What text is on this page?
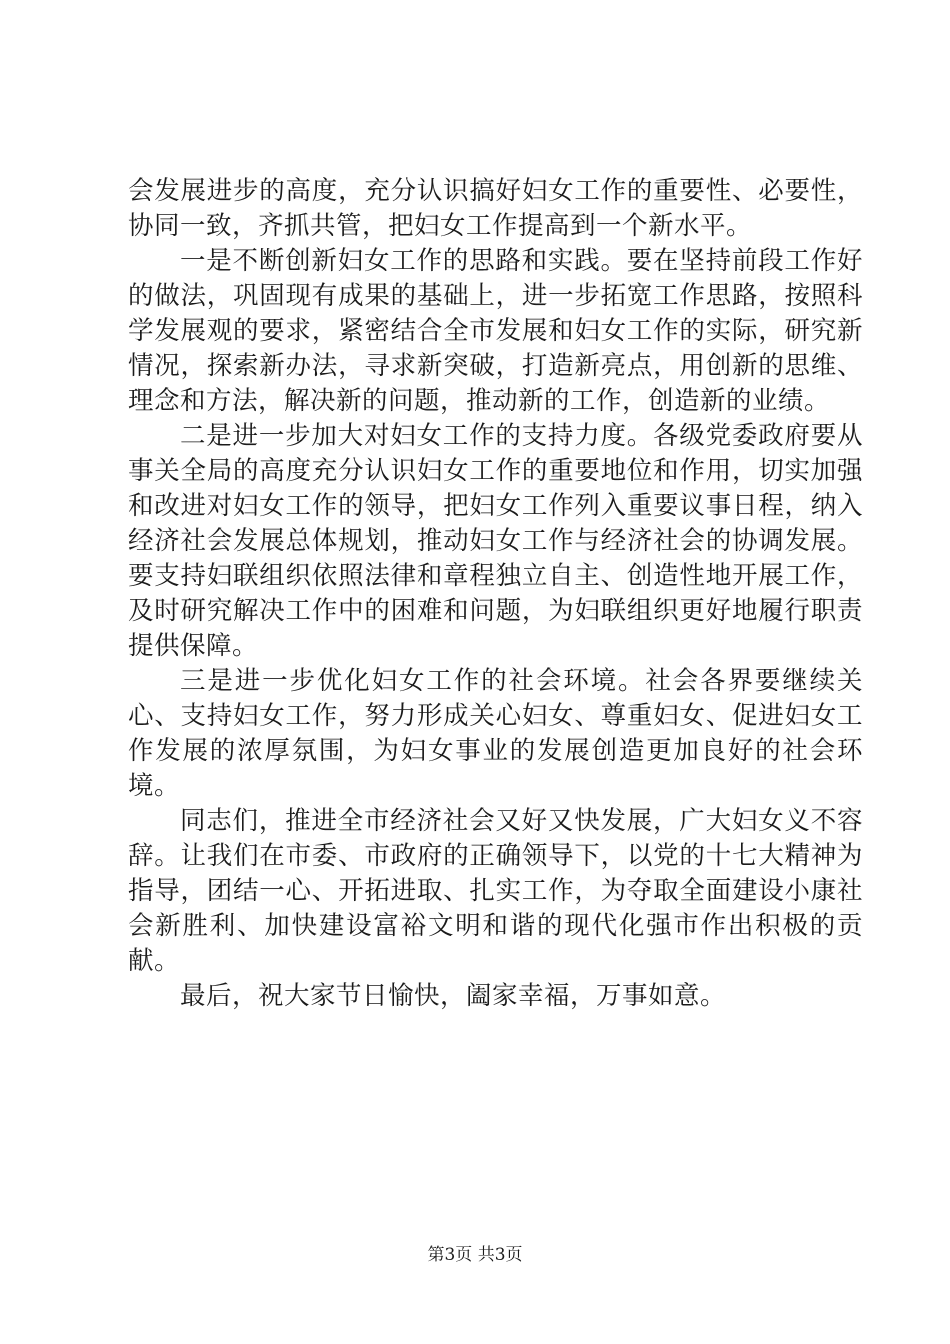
会发展进步的高度，充分认识搞好妇女工作的重要性、必要性，协同一致，齐抓共管，把妇女工作提高到一个新水平。

一是不断创新妇女工作的思路和实践。要在坚持前段工作好的做法，巩固现有成果的基础上，进一步拓宽工作思路，按照科学发展观的要求，紧密结合全市发展和妇女工作的实际，研究新情况，探索新办法，寻求新突破，打造新亮点，用创新的思维、理念和方法，解决新的问题，推动新的工作，创造新的业绩。

二是进一步加大对妇女工作的支持力度。各级党委政府要从事关全局的高度充分认识妇女工作的重要地位和作用，切实加强和改进对妇女工作的领导，把妇女工作列入重要议事日程，纳入经济社会发展总体规划，推动妇女工作与经济社会的协调发展。要支持妇联组织依照法律和章程独立自主、创造性地开展工作，及时研究解决工作中的困难和问题，为妇联组织更好地履行职责提供保障。

三是进一步优化妇女工作的社会环境。社会各界要继续关心、支持妇女工作，努力形成关心妇女、尊重妇女、促进妇女工作发展的浓厚氛围，为妇女事业的发展创造更加良好的社会环境。

同志们，推进全市经济社会又好又快发展，广大妇女义不容辞。让我们在市委、市政府的正确领导下，以党的十七大精神为指导，团结一心、开拓进取、扎实工作，为夺取全面建设小康社会新胜利、加快建设富裕文明和谐的现代化强市作出积极的贡献。

最后，祝大家节日愉快，阖家幸福，万事如意。

第3页 共3页
